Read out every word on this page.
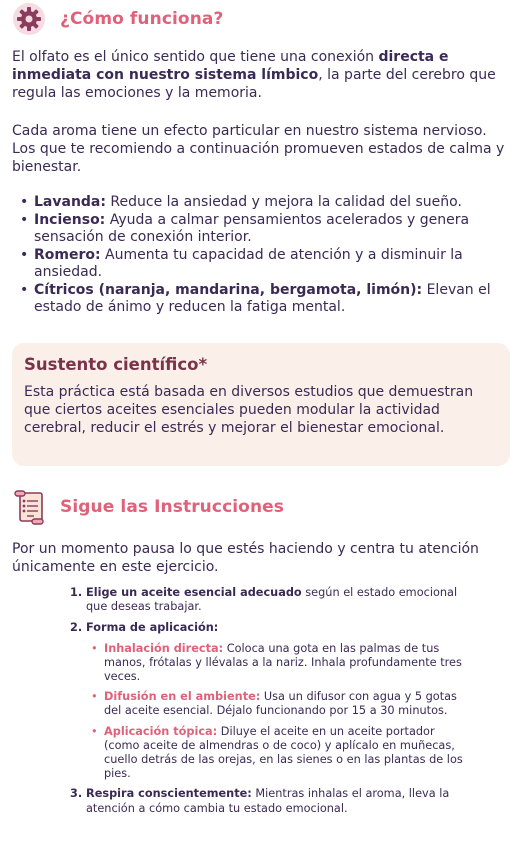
¿Cómo funciona?

El olfato es el único sentido que tiene una conexión directa e inmediata con nuestro sistema límbico, la parte del cerebro que regula las emociones y la memoria.

Cada aroma tiene un efecto particular en nuestro sistema nervioso. Los que te recomiendo a continuación promueven estados de calma y bienestar.

• Lavanda: Reduce la ansiedad y mejora la calidad del sueño.
• Incienso: Ayuda a calmar pensamientos acelerados y genera sensación de conexión interior.
• Romero: Aumenta tu capacidad de atención y a disminuir la ansiedad.
• Cítricos (naranja, mandarina, bergamota, limón): Elevan el estado de ánimo y reducen la fatiga mental.
Sustento científico*

Esta práctica está basada en diversos estudios que demuestran que ciertos aceites esenciales pueden modular la actividad cerebral, reducir el estrés y mejorar el bienestar emocional.

Sigue las Instrucciones

Por un momento pausa lo que estés haciendo y centra tu atención únicamente en este ejercicio.

1. Elige un aceite esencial adecuado según el estado emocional que deseas trabajar.
2. Forma de aplicación:
• Inhalación directa: Coloca una gota en las palmas de tus manos, frótalas y llévalas a la nariz. Inhala profundamente tres veces.
• Difusión en el ambiente: Usa un difusor con agua y 5 gotas del aceite esencial. Déjalo funcionando por 15 a 30 minutos.
• Aplicación tópica: Diluye el aceite en un aceite portador (como aceite de almendras o de coco) y aplícalo en muñecas, cuello detrás de las orejas, en las sienes o en las plantas de los pies.
3. Respira conscientemente: Mientras inhalas el aroma, lleva la atención a cómo cambia tu estado emocional.
